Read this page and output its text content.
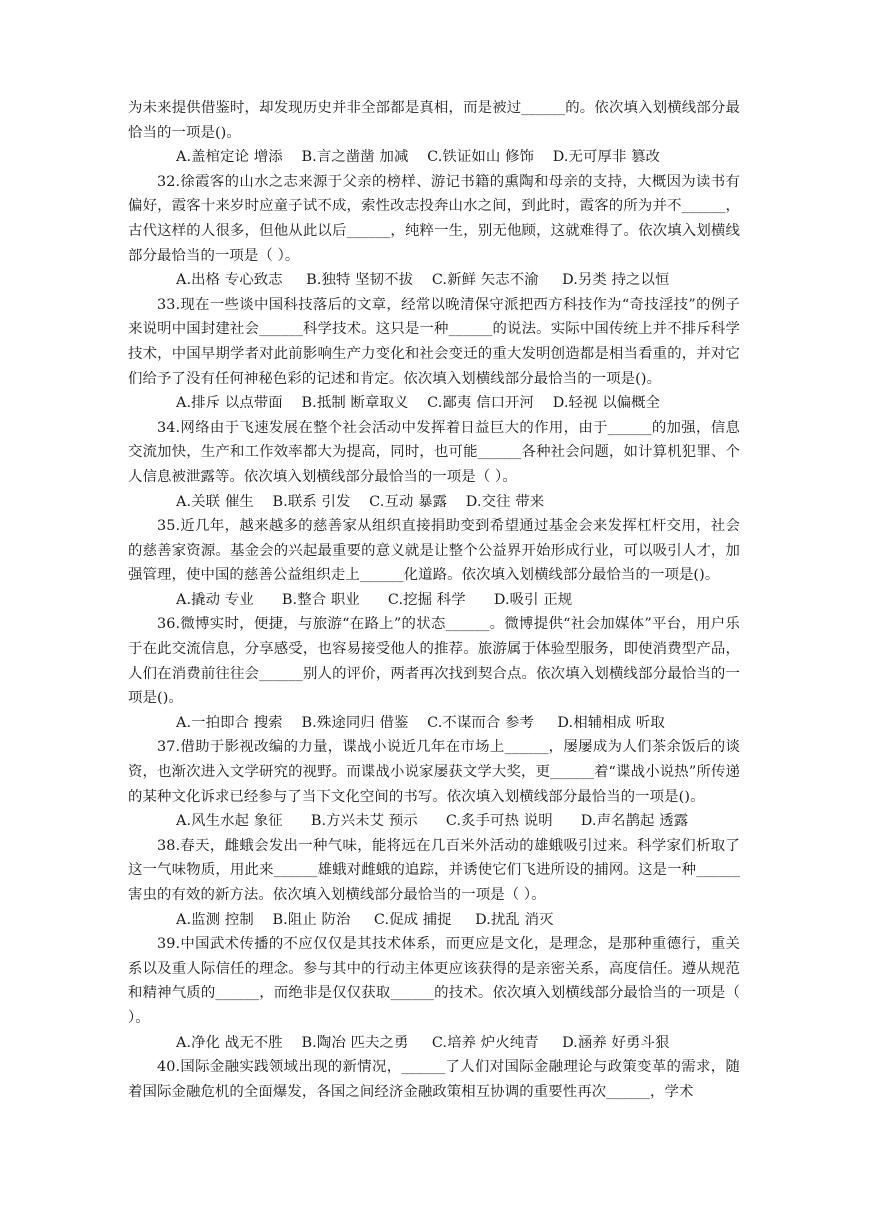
为未来提供借鉴时，却发现历史并非全部都是真相，而是被过______的。依次填入划横线部分最恰当的一项是()。

A.盖棺定论 增添    B.言之凿凿 加减    C.铁证如山 修饰    D.无可厚非 篡改

32.徐霞客的山水之志来源于父亲的榜样、游记书籍的熏陶和母亲的支持，大概因为读书有偏好，霞客十来岁时应童子试不成，索性改志投奔山水之间，到此时，霞客的所为并不______，古代这样的人很多，但他从此以后______，纯粹一生，别无他顾，这就难得了。依次填入划横线部分最恰当的一项是（ ）。

A.出格 专心致志     B.独特 坚韧不拔    C.新鲜 矢志不渝     D.另类 持之以恒

33.现在一些谈中国科技落后的文章，经常以晚清保守派把西方科技作为“奇技淫技”的例子来说明中国封建社会______科学技术。这只是一种______的说法。实际中国传统上并不排斥科学技术，中国早期学者对此前影响生产力变化和社会变迁的重大发明创造都是相当看重的，并对它们给予了没有任何神秘色彩的记述和肯定。依次填入划横线部分最恰当的一项是()。

A.排斥 以点带面    B.抵制 断章取义    C.鄙夷 信口开河    D.轻视 以偏概全

34.网络由于飞速发展在整个社会活动中发挥着日益巨大的作用，由于______的加强，信息交流加快，生产和工作效率都大为提高，同时，也可能______各种社会问题，如计算机犯罪、个人信息被泄露等。依次填入划横线部分最恰当的一项是（ ）。

A.关联 催生    B.联系 引发    C.互动 暴露    D.交往 带来

35.近几年，越来越多的慈善家从组织直接捐助变到希望通过基金会来发挥杠杆交用，社会的慈善家资源。基金会的兴起最重要的意义就是让整个公益界开始形成行业，可以吸引人才，加强管理，使中国的慈善公益组织走上______化道路。依次填入划横线部分最恰当的一项是()。

A.撬动 专业      B.整合 职业      C.挖掘 科学      D.吸引 正规

36.微博实时，便捷，与旅游“在路上”的状态______。微博提供“社会加媒体”平台，用户乐于在此交流信息，分享感受，也容易接受他人的推荐。旅游属于体验型服务，即使消费型产品，人们在消费前往往会______别人的评价，两者再次找到契合点。依次填入划横线部分最恰当的一项是()。

A.一拍即合 搜索    B.殊途同归 借鉴    C.不谋而合 参考     D.相辅相成 听取

37.借助于影视改编的力量，谍战小说近几年在市场上______，屡屡成为人们茶余饭后的谈资，也渐次进入文学研究的视野。而谍战小说家屡获文学大奖，更______着“谍战小说热”所传递的某种文化诉求已经参与了当下文化空间的书写。依次填入划横线部分最恰当的一项是()。

A.风生水起 象征      B.方兴未艾 预示      C.炙手可热 说明      D.声名鹊起 透露

38.春天，雌蛾会发出一种气味，能将远在几百米外活动的雄蛾吸引过来。科学家们析取了这一气味物质，用此来______雄蛾对雌蛾的追踪，并诱使它们飞进所设的捕网。这是一种______害虫的有效的新方法。依次填入划横线部分最恰当的一项是（ ）。

A.监测 控制    B.阻止 防治     C.促成 捕捉     D.扰乱 消灭

39.中国武术传播的不应仅仅是其技术体系，而更应是文化，是理念，是那种重德行，重关系以及重人际信任的理念。参与其中的行动主体更应该获得的是亲密关系，高度信任。遵从规范和精神气质的______，而绝非是仅仅获取______的技术。依次填入划横线部分最恰当的一项是（ ）。

A.净化 战无不胜    B.陶冶 匹夫之勇     C.培养 炉火纯青     D.涵养 好勇斗狠

40.国际金融实践领域出现的新情况，______了人们对国际金融理论与政策变革的需求，随着国际金融危机的全面爆发，各国之间经济金融政策相互协调的重要性再次______，学术
